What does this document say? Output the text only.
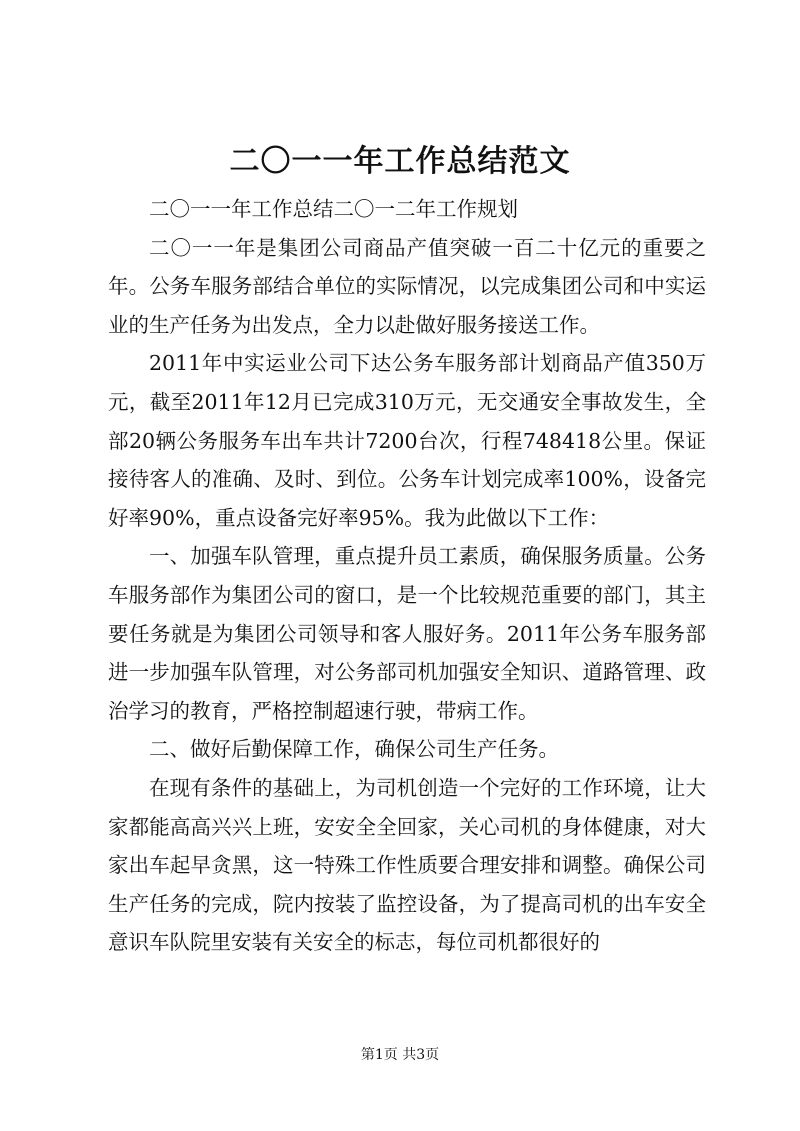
二〇一一年工作总结范文

二〇一一年工作总结二〇一二年工作规划

二〇一一年是集团公司商品产值突破一百二十亿元的重要之年。公务车服务部结合单位的实际情况，以完成集团公司和中实运业的生产任务为出发点，全力以赴做好服务接送工作。

2011年中实运业公司下达公务车服务部计划商品产值350万元，截至2011年12月已完成310万元，无交通安全事故发生，全部20辆公务服务车出车共计7200台次，行程748418公里。保证接待客人的准确、及时、到位。公务车计划完成率100%，设备完好率90%，重点设备完好率95%。我为此做以下工作：

一、加强车队管理，重点提升员工素质，确保服务质量。公务车服务部作为集团公司的窗口，是一个比较规范重要的部门，其主要任务就是为集团公司领导和客人服好务。2011年公务车服务部进一步加强车队管理，对公务部司机加强安全知识、道路管理、政治学习的教育，严格控制超速行驶，带病工作。

二、做好后勤保障工作，确保公司生产任务。

在现有条件的基础上，为司机创造一个完好的工作环境，让大家都能高高兴兴上班，安安全全回家，关心司机的身体健康，对大家出车起早贪黑，这一特殊工作性质要合理安排和调整。确保公司生产任务的完成，院内按装了监控设备，为了提高司机的出车安全意识车队院里安装有关安全的标志，每位司机都很好的

第1页 共3页
